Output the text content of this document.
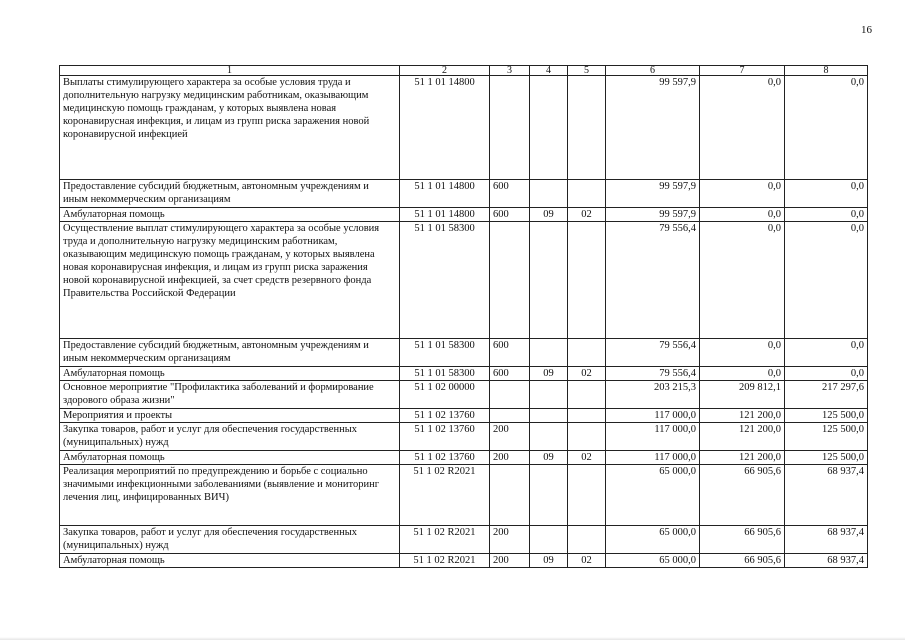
16
1	2	3	4	5	6	7	8
Выплаты стимулирующего характера за особые условия труда и дополнительную нагрузку медицинским работникам, оказывающим медицинскую помощь гражданам, у которых выявлена новая коронавирусная инфекция, и лицам из групп риска заражения новой коронавирусной инфекцией	51 1 01 14800				99 597,9	0,0	0,0
Предоставление субсидий бюджетным, автономным учреждениям и иным некоммерческим организациям	51 1 01 14800	600			99 597,9	0,0	0,0
Амбулаторная помощь	51 1 01 14800	600	09	02	99 597,9	0,0	0,0
Осуществление выплат стимулирующего характера за особые условия труда и дополнительную нагрузку медицинским работникам, оказывающим медицинскую помощь гражданам, у которых выявлена новая коронавирусная инфекция, и лицам из групп риска заражения новой коронавирусной инфекцией, за счет средств резервного фонда Правительства Российской Федерации	51 1 01 58300				79 556,4	0,0	0,0
Предоставление субсидий бюджетным, автономным учреждениям и иным некоммерческим организациям	51 1 01 58300	600			79 556,4	0,0	0,0
Амбулаторная помощь	51 1 01 58300	600	09	02	79 556,4	0,0	0,0
Основное мероприятие "Профилактика заболеваний и формирование здорового образа жизни"	51 1 02 00000				203 215,3	209 812,1	217 297,6
Мероприятия и проекты	51 1 02 13760				117 000,0	121 200,0	125 500,0
Закупка товаров, работ и услуг для обеспечения государственных (муниципальных) нужд	51 1 02 13760	200			117 000,0	121 200,0	125 500,0
Амбулаторная помощь	51 1 02 13760	200	09	02	117 000,0	121 200,0	125 500,0
Реализация мероприятий по предупреждению и борьбе с социально значимыми инфекционными заболеваниями (выявление и мониторинг лечения лиц, инфицированных ВИЧ)	51 1 02 R2021				65 000,0	66 905,6	68 937,4
Закупка товаров, работ и услуг для обеспечения государственных (муниципальных) нужд	51 1 02 R2021	200			65 000,0	66 905,6	68 937,4
Амбулаторная помощь	51 1 02 R2021	200	09	02	65 000,0	66 905,6	68 937,4
